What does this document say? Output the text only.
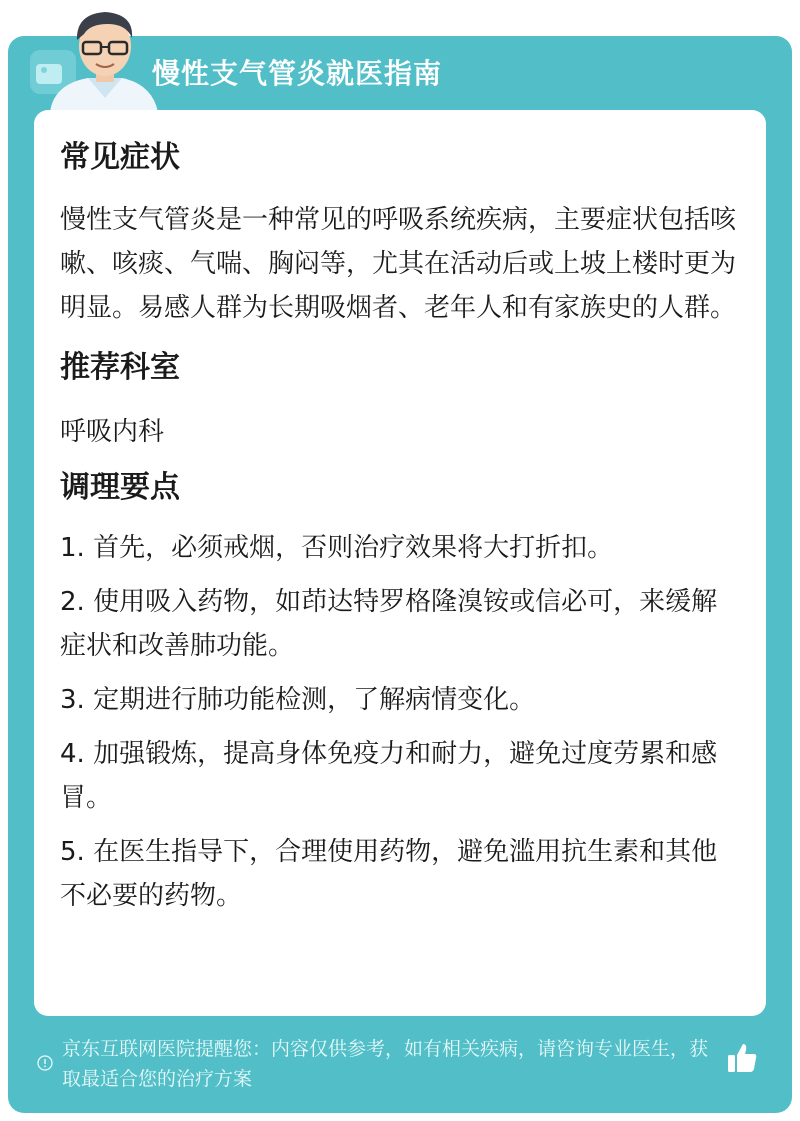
慢性支气管炎就医指南
常见症状

慢性支气管炎是一种常见的呼吸系统疾病，主要症状包括咳嗽、咳痰、气喘、胸闷等，尤其在活动后或上坡上楼时更为明显。易感人群为长期吸烟者、老年人和有家族史的人群。

推荐科室

呼吸内科

调理要点

1. 首先，必须戒烟，否则治疗效果将大打折扣。

2. 使用吸入药物，如茚达特罗格隆溴铵或信必可，来缓解症状和改善肺功能。

3. 定期进行肺功能检测，了解病情变化。

4. 加强锻炼，提高身体免疫力和耐力，避免过度劳累和感冒。

5. 在医生指导下，合理使用药物，避免滥用抗生素和其他不必要的药物。

京东互联网医院提醒您：内容仅供参考，如有相关疾病，请咨询专业医生，获取最适合您的治疗方案
